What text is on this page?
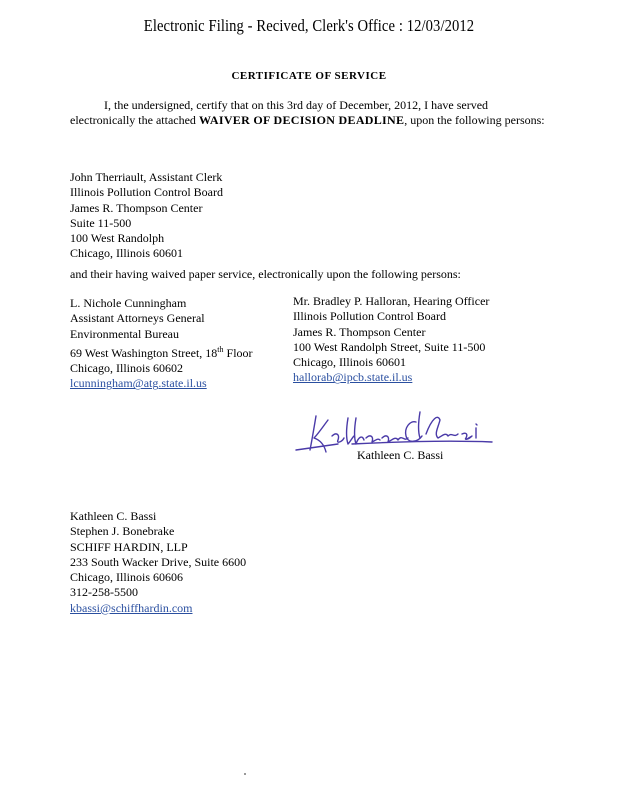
Electronic Filing - Recived, Clerk's Office : 12/03/2012
CERTIFICATE OF SERVICE
I, the undersigned, certify that on this 3rd day of December, 2012, I have served electronically the attached WAIVER OF DECISION DEADLINE, upon the following persons:
John Therriault, Assistant Clerk
Illinois Pollution Control Board
James R. Thompson Center
Suite 11-500
100 West Randolph
Chicago, Illinois 60601
and their having waived paper service, electronically upon the following persons:
L. Nichole Cunningham
Assistant Attorneys General
Environmental Bureau
69 West Washington Street, 18th Floor
Chicago, Illinois 60602
lcunningham@atg.state.il.us
Mr. Bradley P. Halloran, Hearing Officer
Illinois Pollution Control Board
James R. Thompson Center
100 West Randolph Street, Suite 11-500
Chicago, Illinois 60601
hallorab@ipcb.state.il.us
Kathleen C. Bassi
Kathleen C. Bassi
Stephen J. Bonebrake
SCHIFF HARDIN, LLP
233 South Wacker Drive, Suite 6600
Chicago, Illinois 60606
312-258-5500
kbassi@schiffhardin.com
